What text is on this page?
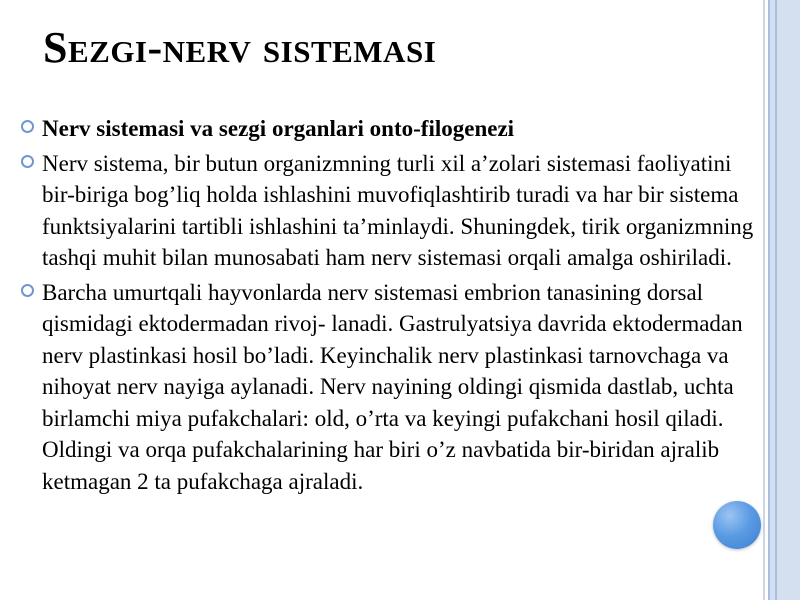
Sezgi-nerv sistemasi
Nerv sistemasi va sezgi organlari onto-filogenezi
Nerv sistema, bir butun organizmning turli xil a’zolari sistemasi faoliyatini bir-biriga bog’liq holda ishlashini muvofiqlashtirib turadi va har bir sistema funktsiyalarini tartibli ishlashini ta’minlaydi. Shuningdek, tirik organizmning tashqi muhit bilan munosabati ham nerv sistemasi orqali amalga oshiriladi.
Barcha umurtqali hayvonlarda nerv sistemasi embrion tanasining dorsal qismidagi ektodermadan rivoj- lanadi. Gastrulyatsiya davrida ektodermadan nerv plastinkasi hosil bo’ladi. Keyinchalik nerv plastinkasi tarnovchaga va nihoyat nerv nayiga aylanadi. Nerv nayining oldingi qismida dastlab, uchta birlamchi miya pufakchalari: old, o’rta va keyingi pufakchani hosil qiladi. Oldingi va orqa pufakchalarining har biri o’z navbatida bir-biridan ajralib ketmagan 2 ta pufakchaga ajraladi.
